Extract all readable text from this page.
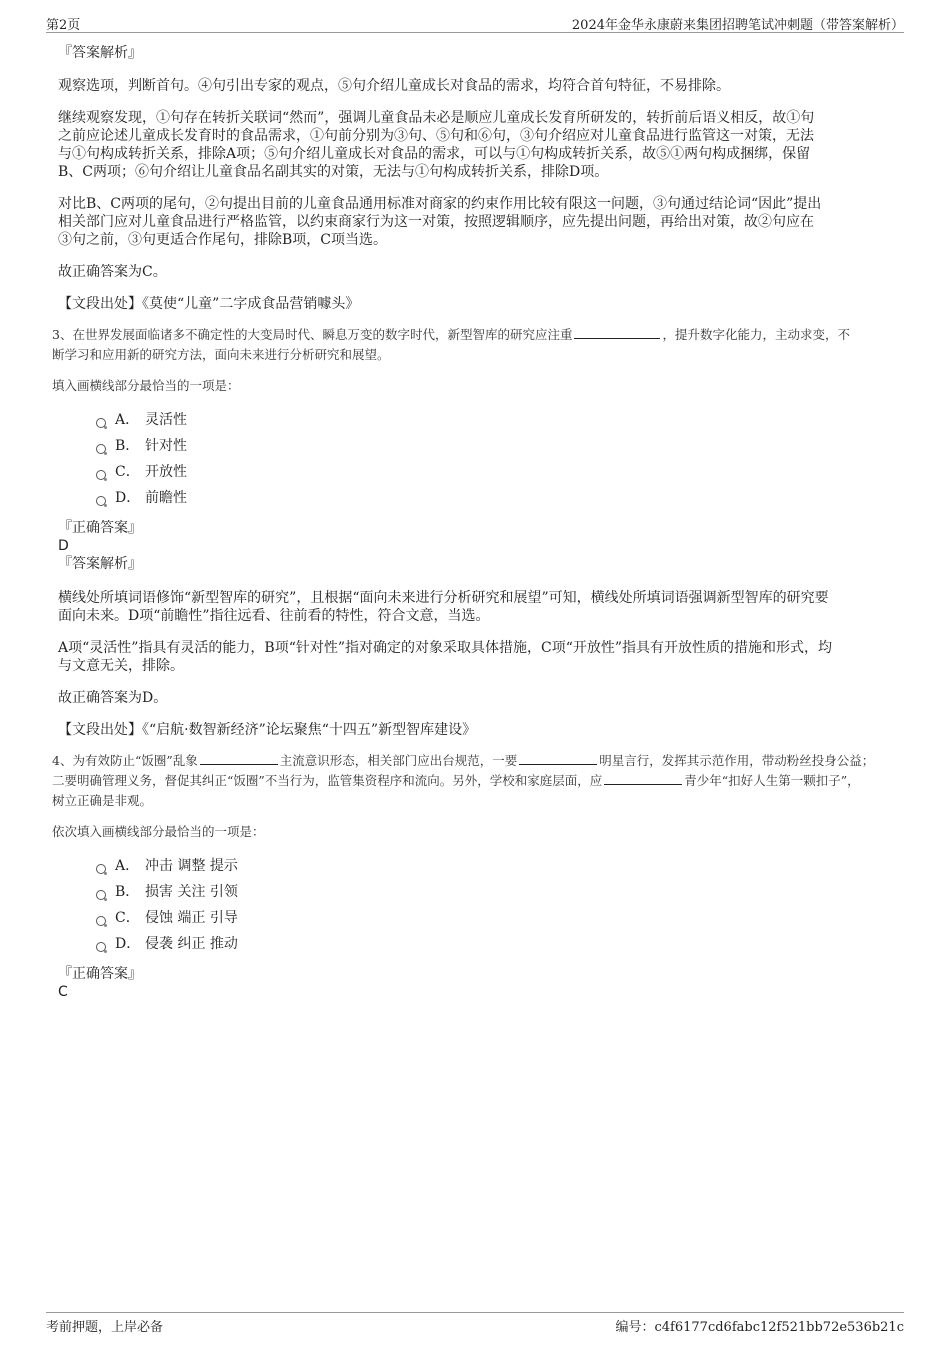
第2页	2024年金华永康蔚来集团招聘笔试冲刺题（带答案解析）

『答案解析』

观察选项，判断首句。④句引出专家的观点，⑤句介绍儿童成长对食品的需求，均符合首句特征，不易排除。

继续观察发现，①句存在转折关联词“然而”，强调儿童食品未必是顺应儿童成长发育所研发的，转折前后语义相反，故①句

之前应论述儿童成长发育时的食品需求，①句前分别为③句、⑤句和⑥句，③句介绍应对儿童食品进行监管这一对策，无法

与①句构成转折关系，排除A项；⑤句介绍儿童成长对食品的需求，可以与①句构成转折关系，故⑤①两句构成捆绑，保留

B、C两项；⑥句介绍让儿童食品名副其实的对策，无法与①句构成转折关系，排除D项。

对比B、C两项的尾句，②句提出目前的儿童食品通用标准对商家的约束作用比较有限这一问题，③句通过结论词“因此”提出

相关部门应对儿童食品进行严格监管，以约束商家行为这一对策，按照逻辑顺序，应先提出问题，再给出对策，故②句应在

③句之前，③句更适合作尾句，排除B项，C项当选。

故正确答案为C。

【文段出处】《莫使“儿童”二字成食品营销噱头》

3、在世界发展面临诸多不确定性的大变局时代、瞬息万变的数字时代，新型智库的研究应注重	，提升数字化能力，主动求变，不

断学习和应用新的研究方法，面向未来进行分析研究和展望。

填入画横线部分最恰当的一项是：

A． 灵活性
B． 针对性
C． 开放性
D． 前瞻性

『正确答案』

D

『答案解析』

横线处所填词语修饰“新型智库的研究”，且根据“面向未来进行分析研究和展望”可知，横线处所填词语强调新型智库的研究要

面向未来。D项“前瞻性”指往远看、往前看的特性，符合文意，当选。

A项“灵活性”指具有灵活的能力，B项“针对性”指对确定的对象采取具体措施，C项“开放性”指具有开放性质的措施和形式，均

与文意无关，排除。

故正确答案为D。

【文段出处】《“启航·数智新经济”论坛聚焦“十四五”新型智库建设》

4、为有效防止“饭圈”乱象	主流意识形态，相关部门应出台规范，一要	明星言行，发挥其示范作用，带动粉丝投身公益；

二要明确管理义务，督促其纠正“饭圈”不当行为，监管集资程序和流向。另外，学校和家庭层面，应	青少年“扣好人生第一颗扣子”，

树立正确是非观。

依次填入画横线部分最恰当的一项是：

A． 冲击 调整 提示
B． 损害 关注 引领
C． 侵蚀 端正 引导
D． 侵袭 纠正 推动

『正确答案』

C

考前押题，上岸必备	编号：c4f6177cd6fabc12f521bb72e536b21c
